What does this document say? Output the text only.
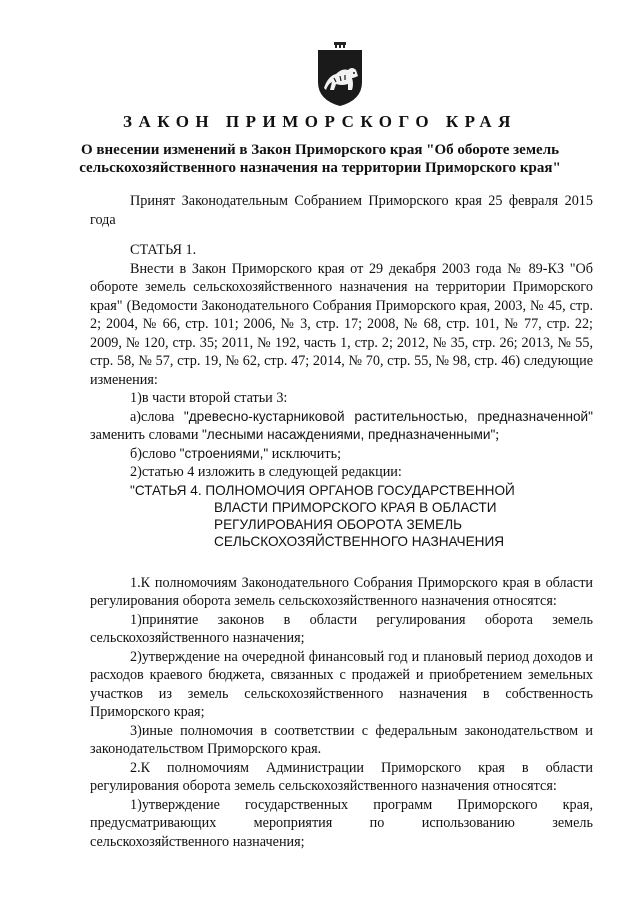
ЗАКОН ПРИМОРСКОГО КРАЯ
О внесении изменений в Закон Приморского края "Об обороте земель
сельскохозяйственного назначения на территории Приморского края"

Принят Законодательным Собранием Приморского края 25 февраля 2015 года

СТАТЬЯ 1.

Внести в Закон Приморского края от 29 декабря 2003 года № 89-КЗ "Об обороте земель сельскохозяйственного назначения на территории Приморского края" (Ведомости Законодательного Собрания Приморского края, 2003, № 45, стр. 2; 2004, № 66, стр. 101; 2006, № 3, стр. 17; 2008, № 68, стр. 101, № 77, стр. 22; 2009, № 120, стр. 35; 2011, № 192, часть 1, стр. 2; 2012, № 35, стр. 26; 2013, № 55, стр. 58, № 57, стр. 19, № 62, стр. 47; 2014, № 70, стр. 55, № 98, стр. 46) следующие изменения:

1)в части второй статьи 3:

а)слова "древесно-кустарниковой растительностью, предназначенной" заменить словами "лесными насаждениями, предназначенными";

б)слово "строениями," исключить;

2)статью 4 изложить в следующей редакции:

"СТАТЬЯ 4. ПОЛНОМОЧИЯ ОРГАНОВ ГОСУДАРСТВЕННОЙ

ВЛАСТИ ПРИМОРСКОГО КРАЯ В ОБЛАСТИ

РЕГУЛИРОВАНИЯ ОБОРОТА ЗЕМЕЛЬ

СЕЛЬСКОХОЗЯЙСТВЕННОГО НАЗНАЧЕНИЯ

1.К полномочиям Законодательного Собрания Приморского края в области регулирования оборота земель сельскохозяйственного назначения относятся:

1)принятие законов в области регулирования оборота земель сельскохозяйственного назначения;

2)утверждение на очередной финансовый год и плановый период доходов и расходов краевого бюджета, связанных с продажей и приобретением земельных участков из земель сельскохозяйственного назначения в собственность Приморского края;

3)иные полномочия в соответствии с федеральным законодательством и законодательством Приморского края.

2.К полномочиям Администрации Приморского края в области регулирования оборота земель сельскохозяйственного назначения относятся:

1)утверждение государственных программ Приморского края, предусматривающих мероприятия по использованию земель сельскохозяйственного назначения;
